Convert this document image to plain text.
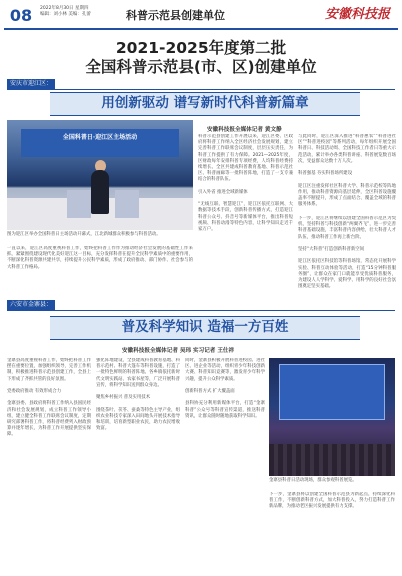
08	2022年8月30日 星期四
编辑：刘小林 美编：孔蕾	科普示范县创建单位	安徽科技报
2021-2025年度第二批
全国科普示范县(市、区)创建单位
安庆市迎江区：
用创新驱动 谱写新时代科普新篇章
全国科普日·迎江区主场活动
图为迎江区举办全国科普日主场活动开幕式，江北新城群众积极参与科普活动。
一直以来，迎江区高度重视科普工作，始终把科普工作作为推动经济社会发展的基础性工作来抓，紧紧围绕建设现代化美好迎江这一目标，充分发挥科普在提升全民科学素质中的重要作用，不断深化科普资源共建共享，持续提升公民科学素质，形成了政府推动、部门协作、社会参与的大科普工作格局。
安徽科技报全媒体记者 黄文静
科普示范县创建工作开展以来，迎江区委、区政府将科普工作纳入全区经济社会发展规划，建立完善科普工作联席会议制度，层层压实责任，为科普工作提供了有力保障。2021—2025年度，区财政每年安排科普专项经费，人均科普经费持续增长。全区共建成科普教育基地、科普示范社区、科普画廊等一批科普阵地，打造了一支专兼结合的科普队伍。

引入外省 推进全域新媒体

“无线互联、智慧迎江”，迎江区依托互联网、大数据等技术手段，创新科普传播方式，打造迎江科普公众号、抖音号等新媒体平台，推出科普短视频、科普动漫等特色内容，让科学知识走近千家万户。
与此同时，迎江区深入推进“科普惠农”“科普进社区”“科普进校园”等系列活动，每年组织开展全国科普日、科技活动周、全国科技工作者日等重大示范活动，累计举办各类科普讲座、科普展览数百场次，受益群众达数十万人次。

科普强基 夯实科普场所建设

迎江区注重发挥社区科普大学、科普示范校等阵地作用，推动科普资源向基层延伸，全区科普设施覆盖率不断提升，形成了点面结合、覆盖全域的科普服务体系。
下一步，迎江区将继续以创建全国科普示范区为契机，坚持科普与科技创新“两翼齐飞”，进一步完善科普基础设施，丰富科普内容供给，壮大科普人才队伍，推动科普工作再上新台阶。

坚持“大科普”打造创新科普新空间

迎江区依托区科技馆等科普场馆，常态化开展科学实验、科普互动体验等活动，打造“15分钟科普服务圈”，让群众在家门口就能享受优质科普服务，为建设人人学科学、爱科学、用科学的良好社会氛围奠定坚实基础。
六安市金寨县：
普及科学知识 造福一方百姓
安徽科技报全媒体记者 吴玮 实习记者 王仕祥
金寨县高度重视科普工作，始终把科普工作摆在重要位置，加强组织领导，完善工作机制，积极推进科普示范县创建工作，全县上下形成了齐抓共管的良好氛围。

党委政府推动 有效形成合力

金寨县委、县政府将科普工作纳入县国民经济和社会发展规划，成立科普工作领导小组，建立健全科普工作联席会议制度，定期研究部署科普工作，将科普经费列入财政预算并逐年增长，为科普工作开展提供坚实保障。
强化阵地建设，全县建成科普教育基地、科普示范村、科普大篷车等科普设施，打造了一批特色鲜明的科普阵地。各乡镇依托新时代文明实践站、农家书屋等，广泛开展科普宣传，将科学知识送到群众身边。

聚焦乡村振兴 普及实用技术

围绕茶叶、茯苓、蚕桑等特色主导产业，组织农业科技专家深入田间地头开展技术指导和培训，培育新型职业农民，助力农民增收致富。
同时，金寨县积极开展科普进校园、进社区、进企业等活动，组织青少年科技创新大赛、科普知识竞赛等，激发青少年科学兴趣，提升公众科学素质。

创新科普方式 扩大覆盖面

县科协充分利用新媒体平台，打造“金寨科普”公众号等科普宣传渠道，推送科普资讯，让群众随时随地获取科学知识。
金寨县科普日活动现场，群众参观科普展览。
下一步，金寨县将以创建全国科普示范县为新起点，持续深化科普工作，不断创新科普方式，加大科普投入，努力打造科普工作新品牌，为推动老区振兴发展提供有力支撑。
